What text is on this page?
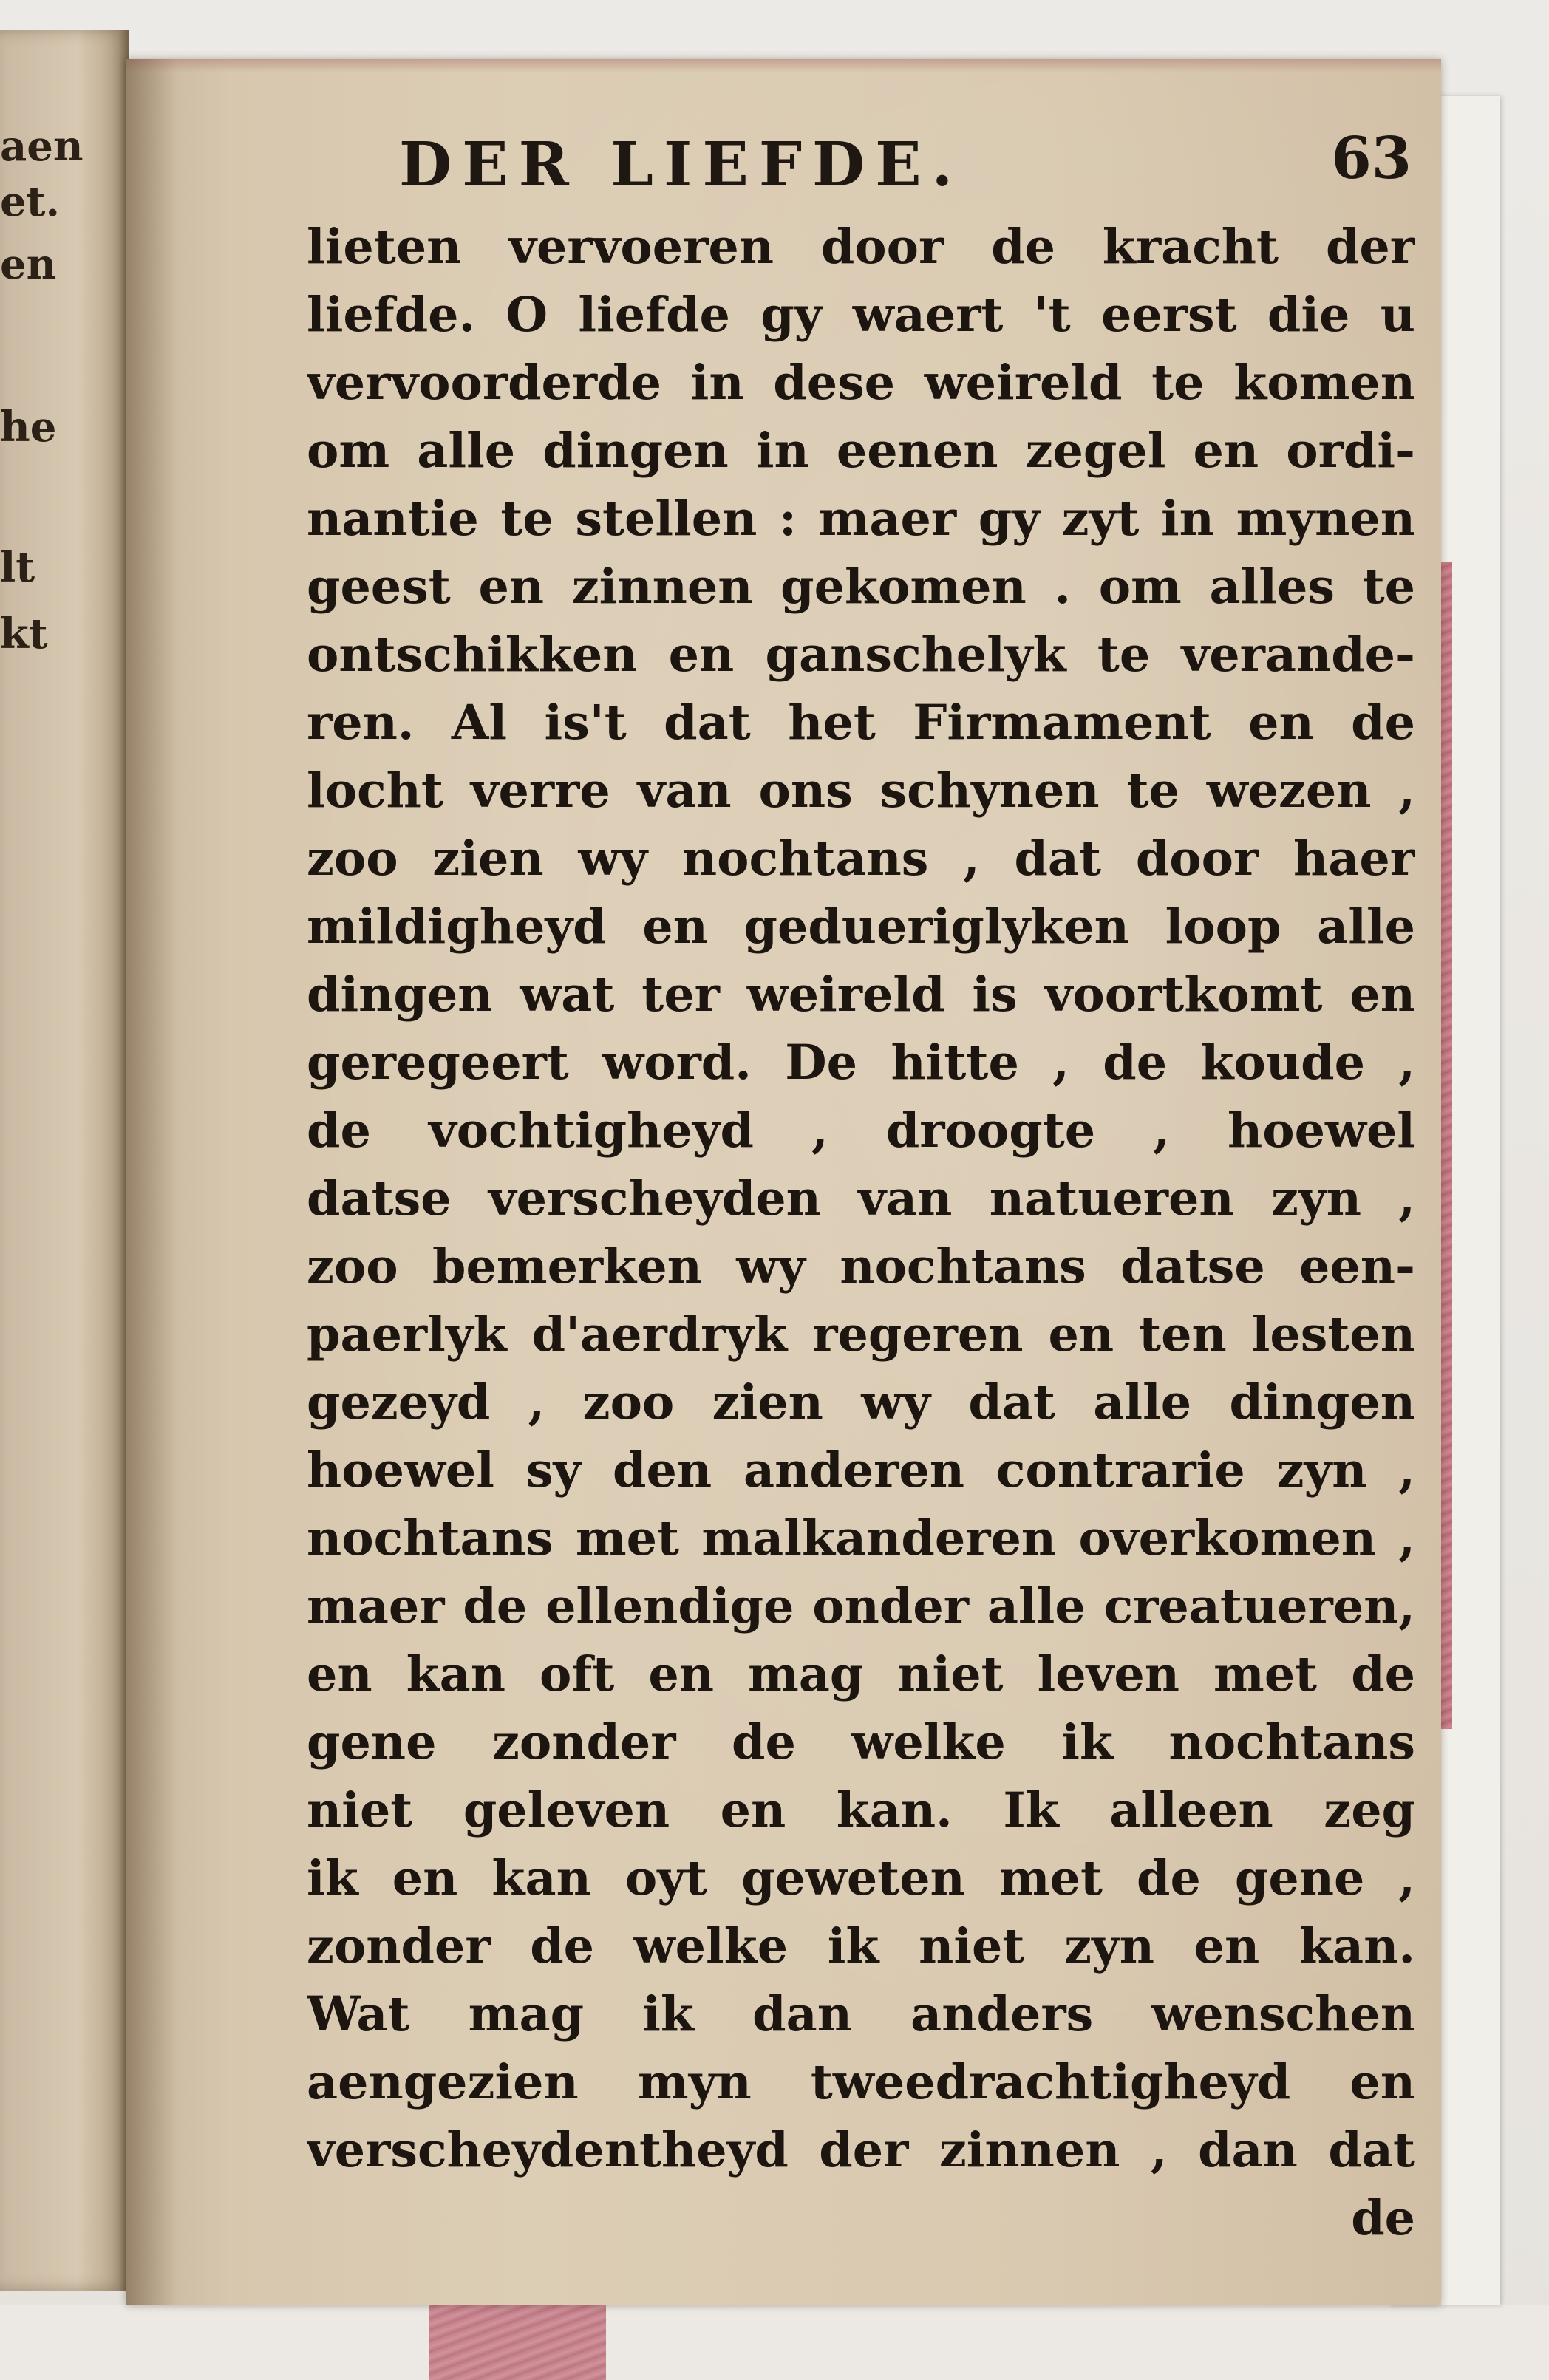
aen
et.
en
he
lt
kt
DER LIEFDE.	63
lieten vervoeren door de kracht der
liefde. O liefde gy waert 't eerst die u
vervoorderde in dese weireld te komen
om alle dingen in eenen zegel en ordi-
nantie te stellen : maer gy zyt in mynen
geest en zinnen gekomen . om alles te
ontschikken en ganschelyk te verande-
ren. Al is't dat het Firmament en de
locht verre van ons schynen te wezen ,
zoo zien wy nochtans , dat door haer
mildigheyd en gedueriglyken loop alle
dingen wat ter weireld is voortkomt en
geregeert word. De hitte , de koude ,
de vochtigheyd , droogte , hoewel
datse verscheyden van natueren zyn ,
zoo bemerken wy nochtans datse een-
paerlyk d'aerdryk regeren en ten lesten
gezeyd , zoo zien wy dat alle dingen
hoewel sy den anderen contrarie zyn ,
nochtans met malkanderen overkomen ,
maer de ellendige onder alle creatueren,
en kan oft en mag niet leven met de
gene zonder de welke ik nochtans
niet geleven en kan. Ik alleen zeg
ik en kan oyt geweten met de gene ,
zonder de welke ik niet zyn en kan.
Wat mag ik dan anders wenschen
aengezien myn tweedrachtigheyd en
verscheydentheyd der zinnen , dan dat
de
